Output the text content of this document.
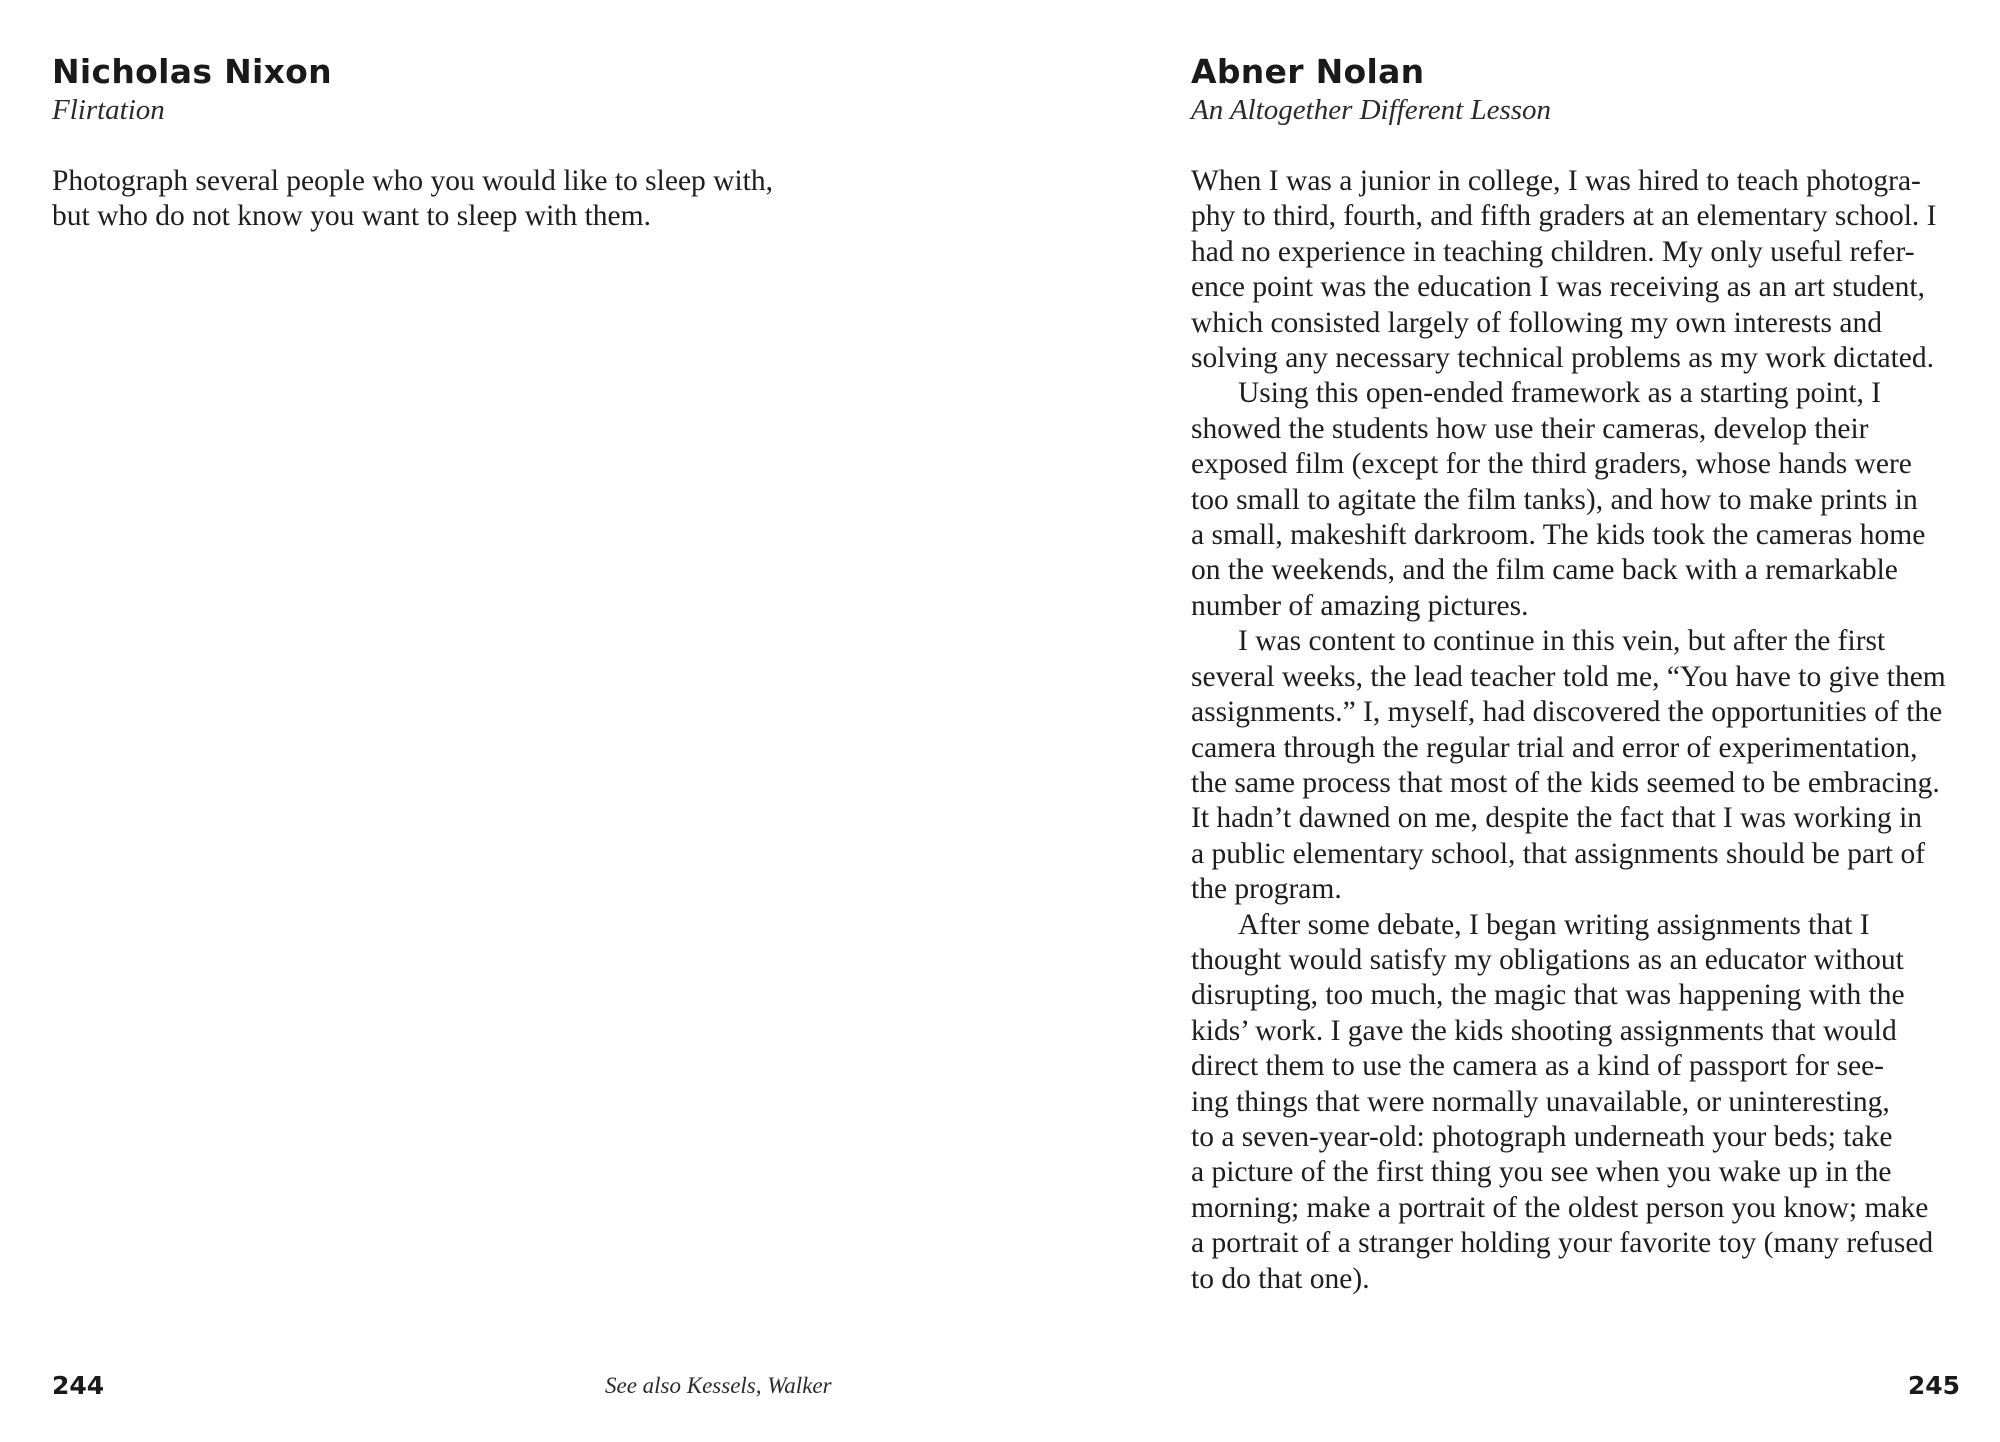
Nicholas Nixon
Flirtation
Photograph several people who you would like to sleep with,
but who do not know you want to sleep with them.
244	See also Kessels, Walker
Abner Nolan
An Altogether Different Lesson
When I was a junior in college, I was hired to teach photogra-
phy to third, fourth, and fifth graders at an elementary school. I
had no experience in teaching children. My only useful refer-
ence point was the education I was receiving as an art student,
which consisted largely of following my own interests and
solving any necessary technical problems as my work dictated.
Using this open-ended framework as a starting point, I
showed the students how use their cameras, develop their
exposed film (except for the third graders, whose hands were
too small to agitate the film tanks), and how to make prints in
a small, makeshift darkroom. The kids took the cameras home
on the weekends, and the film came back with a remarkable
number of amazing pictures.
I was content to continue in this vein, but after the first
several weeks, the lead teacher told me, “You have to give them
assignments.” I, myself, had discovered the opportunities of the
camera through the regular trial and error of experimentation,
the same process that most of the kids seemed to be embracing.
It hadn’t dawned on me, despite the fact that I was working in
a public elementary school, that assignments should be part of
the program.
After some debate, I began writing assignments that I
thought would satisfy my obligations as an educator without
disrupting, too much, the magic that was happening with the
kids’ work. I gave the kids shooting assignments that would
direct them to use the camera as a kind of passport for see-
ing things that were normally unavailable, or uninteresting,
to a seven-year-old: photograph underneath your beds; take
a picture of the first thing you see when you wake up in the
morning; make a portrait of the oldest person you know; make
a portrait of a stranger holding your favorite toy (many refused
to do that one).
245
